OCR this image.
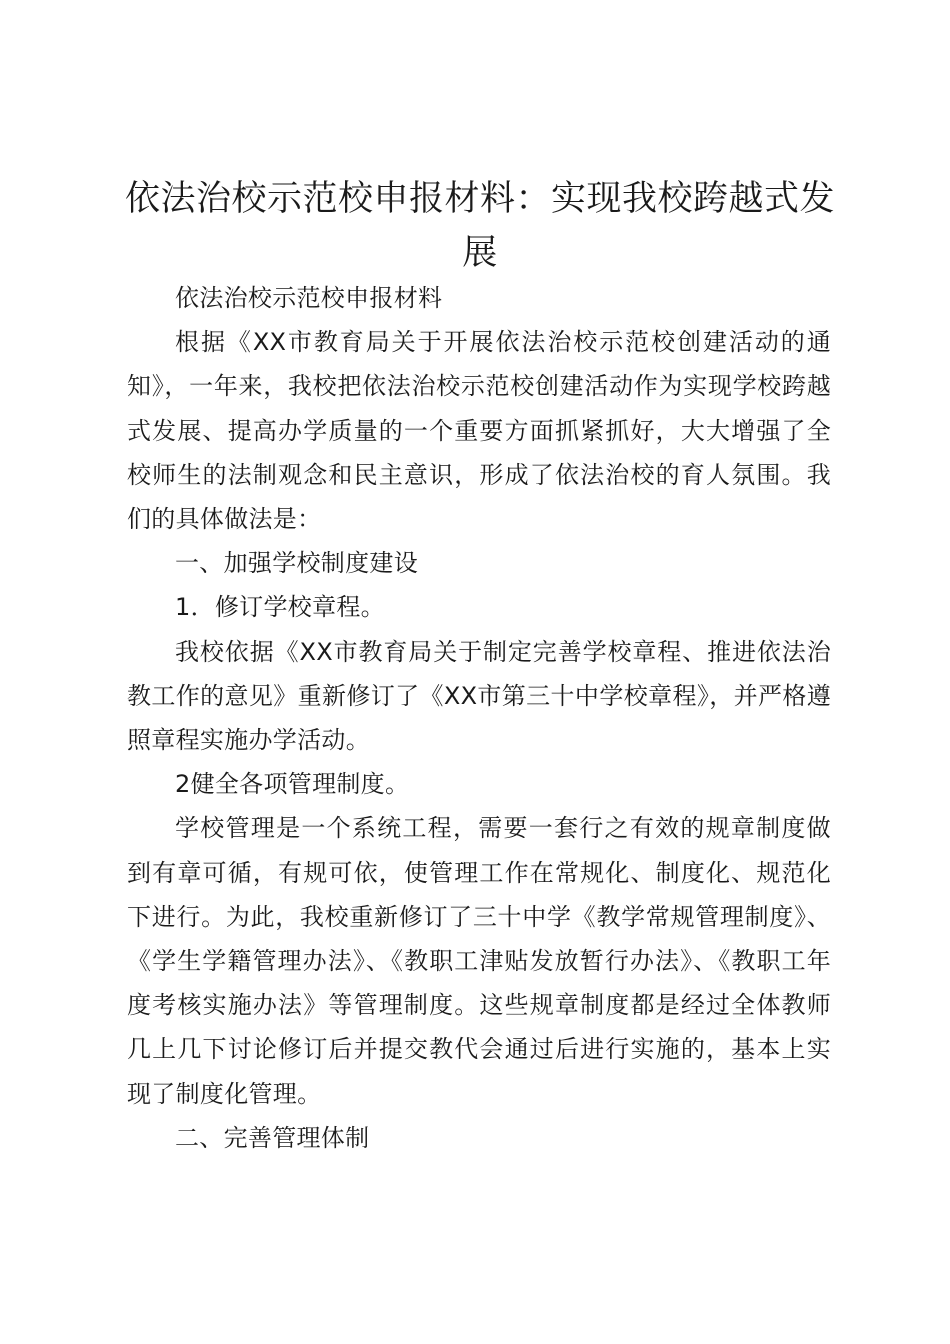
依法治校示范校申报材料：实现我校跨越式发展

依法治校示范校申报材料

根据《XX市教育局关于开展依法治校示范校创建活动的通知》，一年来，我校把依法治校示范校创建活动作为实现学校跨越式发展、提高办学质量的一个重要方面抓紧抓好，大大增强了全校师生的法制观念和民主意识，形成了依法治校的育人氛围。我们的具体做法是：

一、加强学校制度建设

1．修订学校章程。

我校依据《XX市教育局关于制定完善学校章程、推进依法治教工作的意见》重新修订了《XX市第三十中学校章程》，并严格遵照章程实施办学活动。

2健全各项管理制度。

学校管理是一个系统工程，需要一套行之有效的规章制度做到有章可循，有规可依，使管理工作在常规化、制度化、规范化下进行。为此，我校重新修订了三十中学《教学常规管理制度》、《学生学籍管理办法》、《教职工津贴发放暂行办法》、《教职工年度考核实施办法》等管理制度。这些规章制度都是经过全体教师几上几下讨论修订后并提交教代会通过后进行实施的，基本上实现了制度化管理。

二、完善管理体制
